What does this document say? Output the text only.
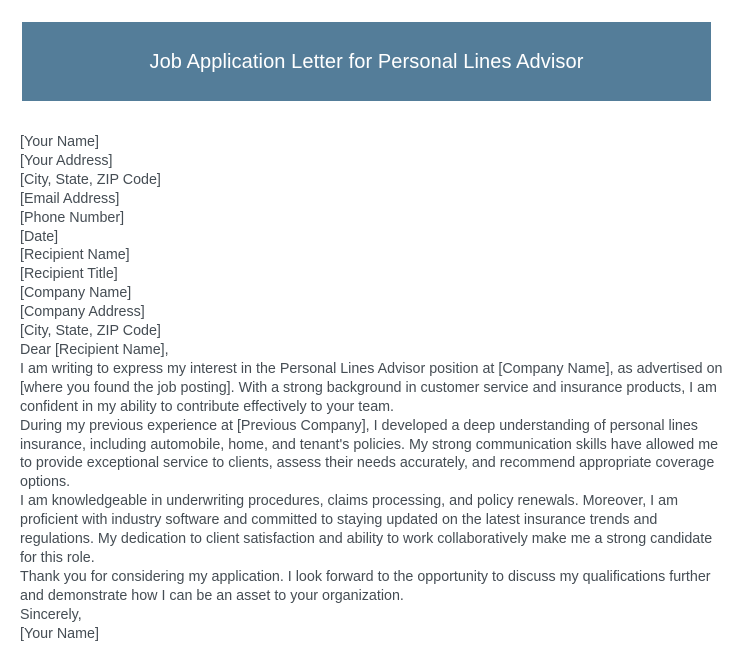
Job Application Letter for Personal Lines Advisor
[Your Name]
[Your Address]
[City, State, ZIP Code]
[Email Address]
[Phone Number]
[Date]
[Recipient Name]
[Recipient Title]
[Company Name]
[Company Address]
[City, State, ZIP Code]
Dear [Recipient Name],

I am writing to express my interest in the Personal Lines Advisor position at [Company Name], as advertised on [where you found the job posting]. With a strong background in customer service and insurance products, I am confident in my ability to contribute effectively to your team.

During my previous experience at [Previous Company], I developed a deep understanding of personal lines insurance, including automobile, home, and tenant's policies. My strong communication skills have allowed me to provide exceptional service to clients, assess their needs accurately, and recommend appropriate coverage options.

I am knowledgeable in underwriting procedures, claims processing, and policy renewals. Moreover, I am proficient with industry software and committed to staying updated on the latest insurance trends and regulations. My dedication to client satisfaction and ability to work collaboratively make me a strong candidate for this role.

Thank you for considering my application. I look forward to the opportunity to discuss my qualifications further and demonstrate how I can be an asset to your organization.

Sincerely,
[Your Name]
